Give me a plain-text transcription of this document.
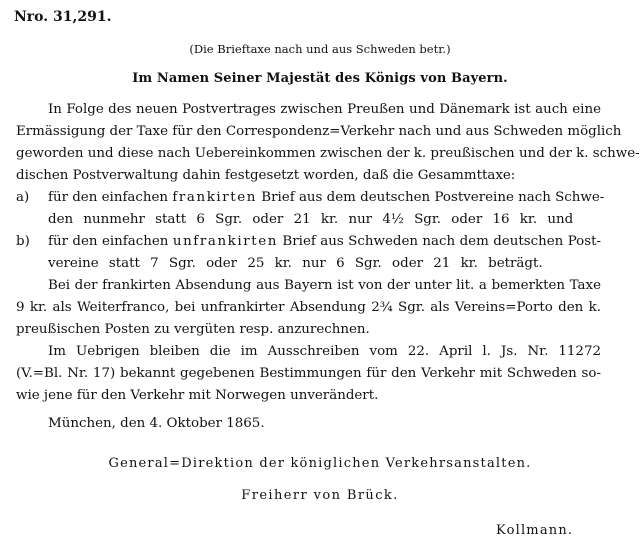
Nro. 31,291.
(Die Brieftaxe nach und aus Schweden betr.)
Im Namen Seiner Majestät des Königs von Bayern.
In Folge des neuen Postvertrages zwischen Preußen und Dänemark ist auch eine
Ermässigung der Taxe für den Correspondenz=Verkehr nach und aus Schweden möglich
geworden und diese nach Uebereinkommen zwischen der k. preußischen und der k. schwe-
dischen Postverwaltung dahin festgesetzt worden, daß die Gesammttaxe:
a) für den einfachen frankirten Brief aus dem deutschen Postvereine nach Schwe-
den nunmehr statt 6 Sgr. oder 21 kr. nur 4½ Sgr. oder 16 kr. und
b) für den einfachen unfrankirten Brief aus Schweden nach dem deutschen Post-
vereine statt 7 Sgr. oder 25 kr. nur 6 Sgr. oder 21 kr. beträgt.
Bei der frankirten Absendung aus Bayern ist von der unter lit. a bemerkten Taxe
9 kr. als Weiterfranco, bei unfrankirter Absendung 2¾ Sgr. als Vereins=Porto den k.
preußischen Posten zu vergüten resp. anzurechnen.
Im Uebrigen bleiben die im Ausschreiben vom 22. April l. Js. Nr. 11272
(V.=Bl. Nr. 17) bekannt gegebenen Bestimmungen für den Verkehr mit Schweden so-
wie jene für den Verkehr mit Norwegen unverändert.
München, den 4. Oktober 1865.
General=Direktion der königlichen Verkehrsanstalten.
Freiherr von Brück.
Kollmann.
